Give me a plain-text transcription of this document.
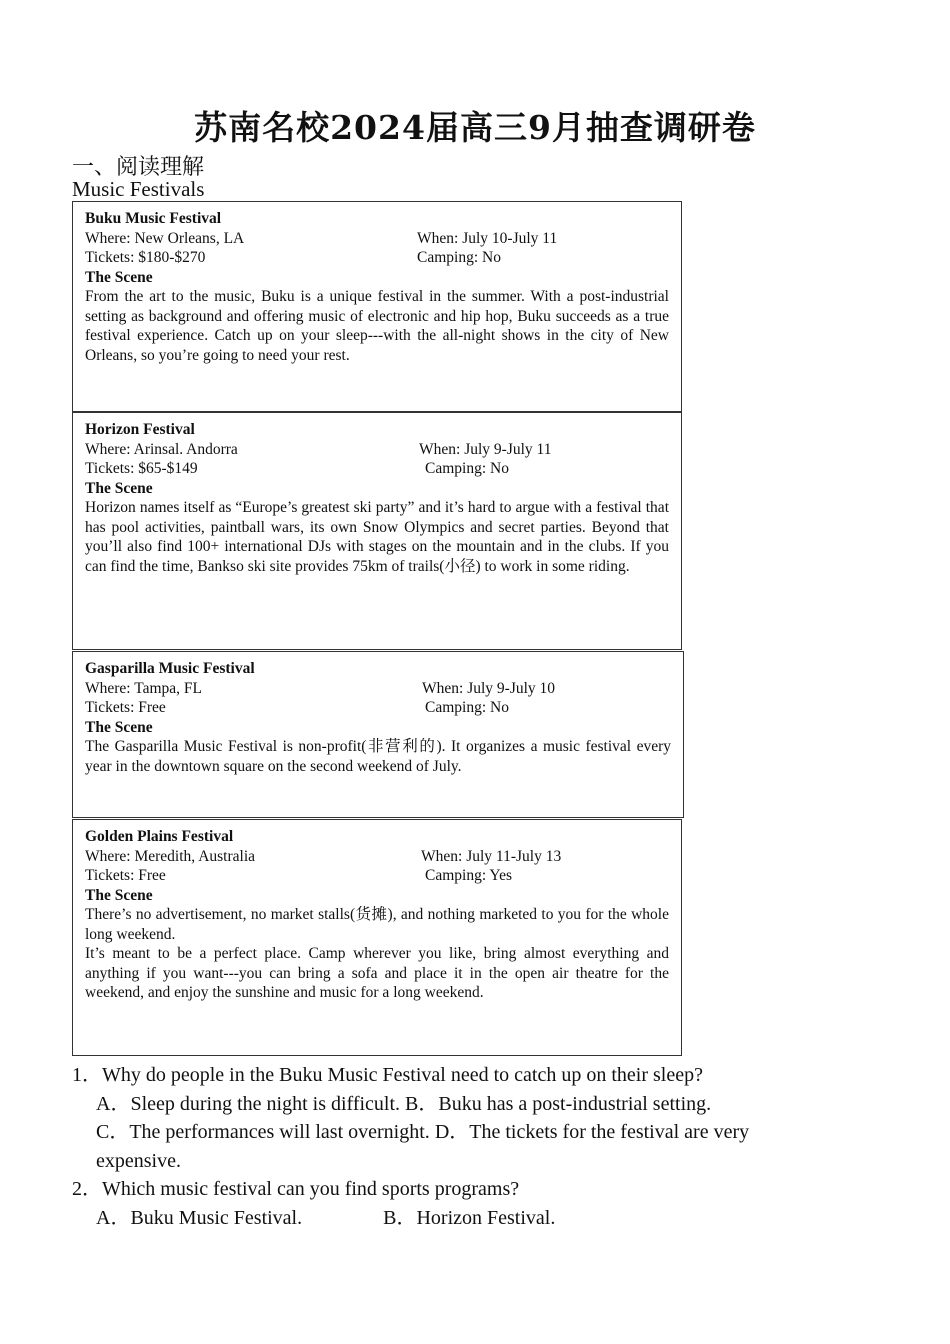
苏南名校2024届高三9月抽查调研卷
一、阅读理解
Music Festivals
Buku Music Festival
Where: New Orleans, LA	When: July 10-July 11
Tickets: $180-$270	Camping: No
The Scene
From the art to the music, Buku is a unique festival in the summer. With a post-industrial setting as background and offering music of electronic and hip hop, Buku succeeds as a true festival experience. Catch up on your sleep---with the all-night shows in the city of New Orleans, so you’re going to need your rest.
Horizon Festival
Where: Arinsal. Andorra	When: July 9-July 11
Tickets: $65-$149	Camping: No
The Scene
Horizon names itself as “Europe’s greatest ski party” and it’s hard to argue with a festival that has pool activities, paintball wars, its own Snow Olympics and secret parties. Beyond that you’ll also find 100+ international DJs with stages on the mountain and in the clubs. If you can find the time, Bankso ski site provides 75km of trails(小径) to work in some riding.
Gasparilla Music Festival
Where: Tampa, FL	When: July 9-July 10
Tickets: Free	Camping: No
The Scene
The Gasparilla Music Festival is non-profit(非营利的). It organizes a music festival every year in the downtown square on the second weekend of July.
Golden Plains Festival
Where: Meredith, Australia	When: July 11-July 13
Tickets: Free	Camping: Yes
The Scene
There’s no advertisement, no market stalls(货摊), and nothing marketed to you for the whole long weekend.
It’s meant to be a perfect place. Camp wherever you like, bring almost everything and anything if you want---you can bring a sofa and place it in the open air theatre for the weekend, and enjoy the sunshine and music for a long weekend.
1．Why do people in the Buku Music Festival need to catch up on their sleep?
A．Sleep during the night is difficult. B．Buku has a post-industrial setting.
C．The performances will last overnight. D．The tickets for the festival are very
expensive.
2．Which music festival can you find sports programs?
A．Buku Music Festival.	B．Horizon Festival.
